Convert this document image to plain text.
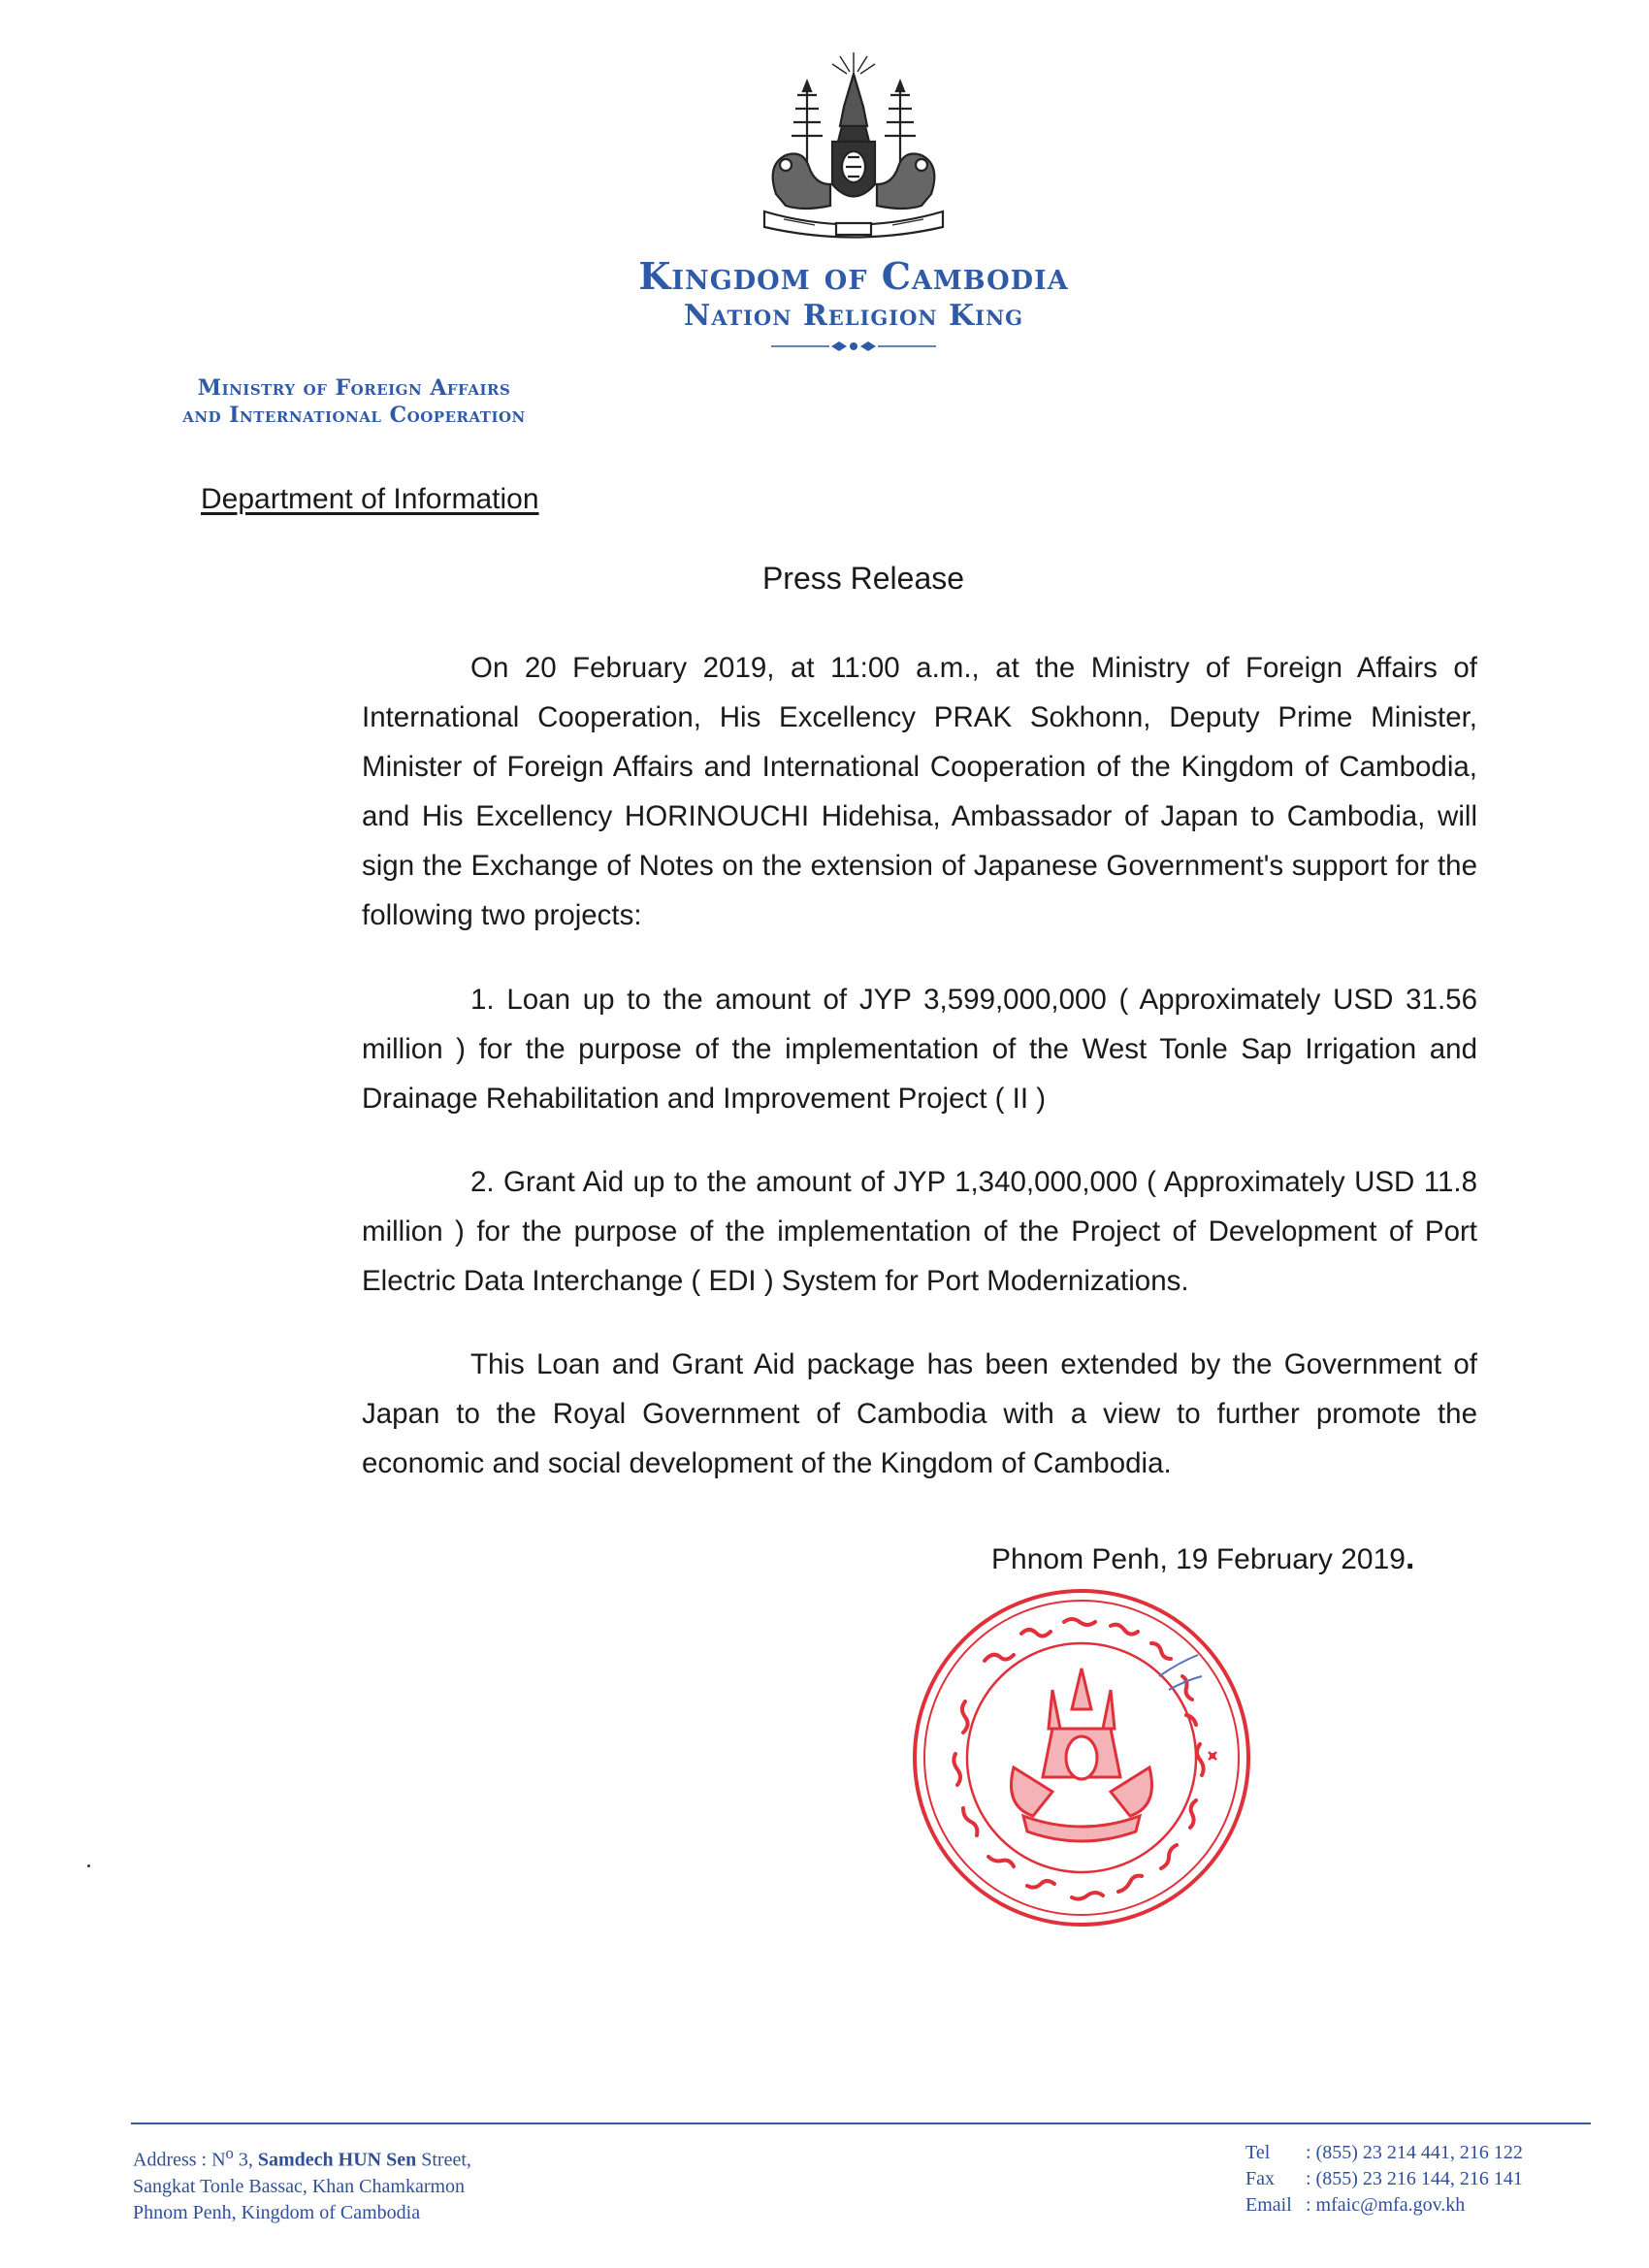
Kingdom of Cambodia
Nation Religion King
Ministry of Foreign Affairs
and International Cooperation
Department of Information
Press Release
On 20 February 2019, at 11:00 a.m., at the Ministry of Foreign Affairs of International Cooperation, His Excellency PRAK Sokhonn, Deputy Prime Minister, Minister of Foreign Affairs and International Cooperation of the Kingdom of Cambodia, and His Excellency HORINOUCHI Hidehisa, Ambassador of Japan to Cambodia, will sign the Exchange of Notes on the extension of Japanese Government's support for the following two projects:
1. Loan up to the amount of JYP 3,599,000,000 ( Approximately USD 31.56 million ) for the purpose of the implementation of the West Tonle Sap Irrigation and Drainage Rehabilitation and Improvement Project ( II )
2. Grant Aid up to the amount of JYP 1,340,000,000 ( Approximately USD 11.8 million ) for the purpose of the implementation of the Project of Development of Port Electric Data Interchange ( EDI ) System for Port Modernizations.
This Loan and Grant Aid package has been extended by the Government of Japan to the Royal Government of Cambodia with a view to further promote the economic and social development of the Kingdom of Cambodia.
Phnom Penh, 19 February 2019.
Address : $N^o$ 3, Samdech HUN Sen Street,
Sangkat Tonle Bassac, Khan Chamkarmon
Phnom Penh, Kingdom of Cambodia
Tel : (855) 23 214 441, 216 122
Fax : (855) 23 216 144, 216 141
Email : mfaic@mfa.gov.kh
